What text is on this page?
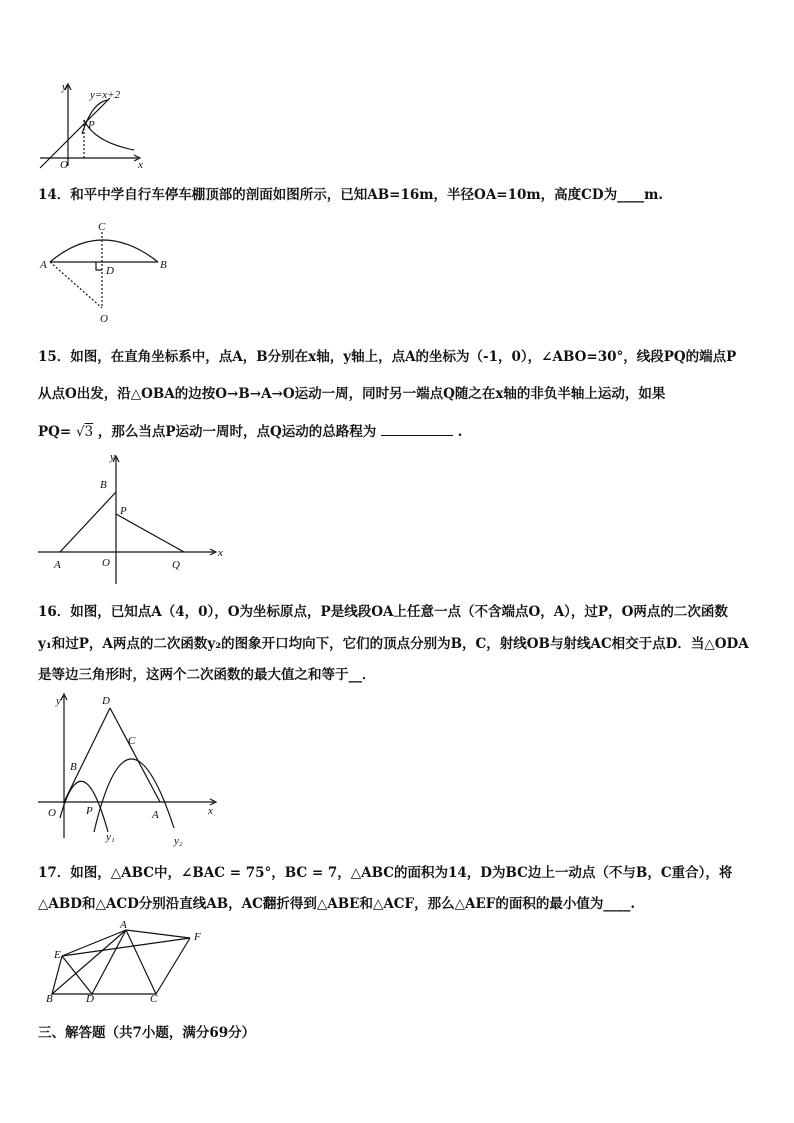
y
x
O
P
y=x+2
14．和平中学自行车停车棚顶部的剖面如图所示，已知AB=16m，半径OA=10m，高度CD为____m.
C
A	B
D
O
15．如图，在直角坐标系中，点A，B分别在x轴，y轴上，点A的坐标为（-1，0），∠ABO=30°，线段PQ的端点P
从点O出发，沿△OBA的边按O→B→A→O运动一周，同时另一端点Q随之在x轴的非负半轴上运动，如果
PQ= √3 ，那么当点P运动一周时，点Q运动的总路程为	.
y
B
P
A	O	Q
x
16．如图，已知点A（4，0），O为坐标原点，P是线段OA上任意一点（不含端点O，A），过P，O两点的二次函数
y₁和过P，A两点的二次函数y₂的图象开口均向下，它们的顶点分别为B，C，射线OB与射线AC相交于点D．当△ODA
是等边三角形时，这两个二次函数的最大值之和等于__．
y	D
C
B
O	P	A	x
y₁	y₂
17．如图，△ABC中，∠BAC = 75°，BC = 7，△ABC的面积为14，D为BC边上一动点（不与B，C重合），将
△ABD和△ACD分别沿直线AB，AC翻折得到△ABE和△ACF，那么△AEF的面积的最小值为____.
A
E
F
B	D	C
三、解答题（共7小题，满分69分）
